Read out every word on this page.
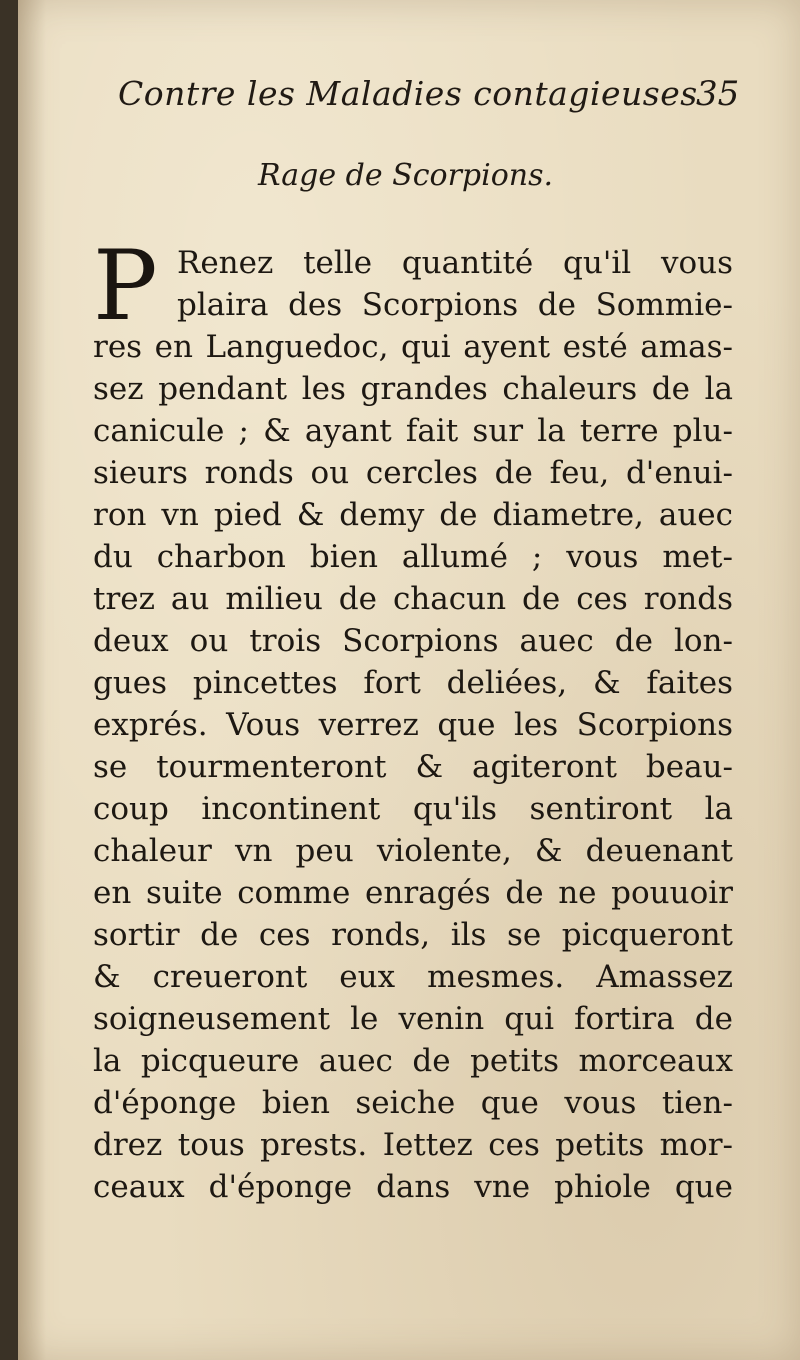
Contre les Maladies contagieuses
35
Rage de Scorpions.
P Renez telle quantité qu'il vous
plaira des Scorpions de Sommie-
res en Languedoc, qui ayent esté amas-
sez pendant les grandes chaleurs de la
canicule ; & ayant fait sur la terre plu-
sieurs ronds ou cercles de feu, d'enui-
ron vn pied & demy de diametre, auec
du charbon bien allumé ; vous met-
trez au milieu de chacun de ces ronds
deux ou trois Scorpions auec de lon-
gues pincettes fort deliées, & faites
exprés. Vous verrez que les Scorpions
se tourmenteront & agiteront beau-
coup incontinent qu'ils sentiront la
chaleur vn peu violente, & deuenant
en suite comme enragés de ne pouuoir
sortir de ces ronds, ils se picqueront
& creueront eux mesmes. Amassez
soigneusement le venin qui fortira de
la picqueure auec de petits morceaux
d'éponge bien seiche que vous tien-
drez tous prests. Iettez ces petits mor-
ceaux d'éponge dans vne phiole que
